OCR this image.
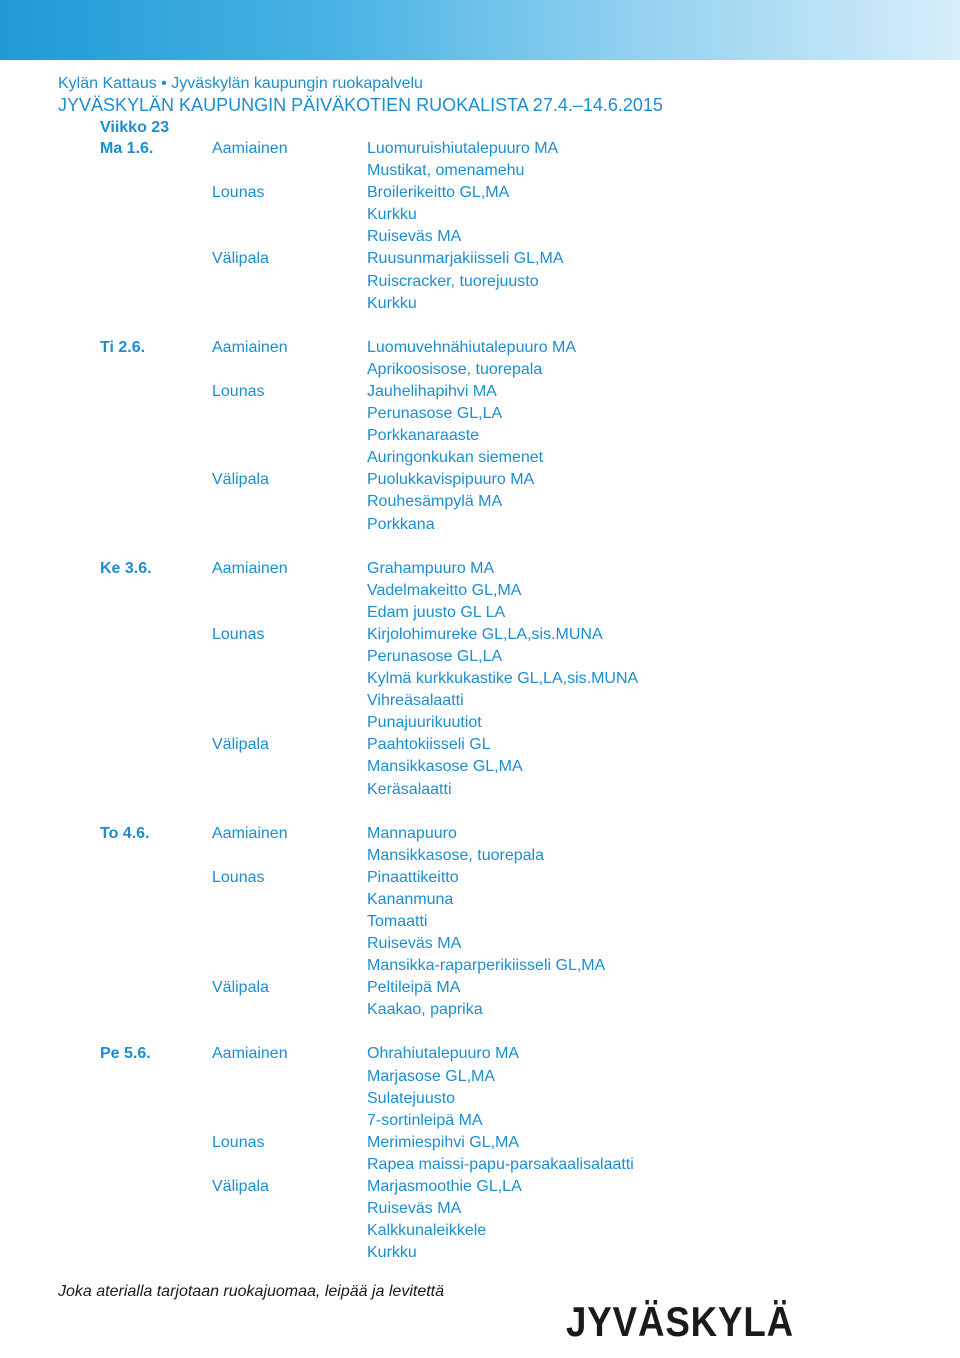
Kylän Kattaus • Jyväskylän kaupungin ruokapalvelu
JYVÄSKYLÄN KAUPUNGIN PÄIVÄKOTIEN RUOKALISTA 27.4.–14.6.2015
Viikko 23
Ma 1.6.	Aamiainen	Luomuruishiutalepuuro MA
Mustikat, omenamehu
Lounas	Broilerikeitto GL,MA
Kurkku
Ruiseväs MA
Välipala	Ruusunmarjakiisseli GL,MA
Ruiscracker, tuorejuusto
Kurkku
Ti 2.6.	Aamiainen	Luomuvehnähiutalepuuro MA
Aprikoosisose, tuorepala
Lounas	Jauhelihapihvi MA
Perunasose GL,LA
Porkkanaraaste
Auringonkukan siemenet
Välipala	Puolukkavispipuuro MA
Rouhesämpylä MA
Porkkana
Ke 3.6.	Aamiainen	Grahampuuro MA
Vadelmakeitto GL,MA
Edam juusto GL LA
Lounas	Kirjolohimureke GL,LA,sis.MUNA
Perunasose GL,LA
Kylmä kurkkukastike GL,LA,sis.MUNA
Vihreäsalaatti
Punajuurikuutiot
Välipala	Paahtokiisseli GL
Mansikkasose GL,MA
Keräsalaatti
To 4.6.	Aamiainen	Mannapuuro
Mansikkasose, tuorepala
Lounas	Pinaattikeitto
Kananmuna
Tomaatti
Ruiseväs MA
Mansikka-raparperikiisseli GL,MA
Välipala	Peltileipä MA
Kaakao, paprika
Pe 5.6.	Aamiainen	Ohrahiutalepuuro MA
Marjasose GL,MA
Sulatejuusto
7-sortinleipä MA
Lounas	Merimiespihvi GL,MA
Rapea maissi-papu-parsakaalisalaatti
Välipala	Marjasmoothie GL,LA
Ruiseväs MA
Kalkkunaleikkele
Kurkku
Joka aterialla tarjotaan ruokajuomaa, leipää ja levitettä
JYVÄSKYLÄ
